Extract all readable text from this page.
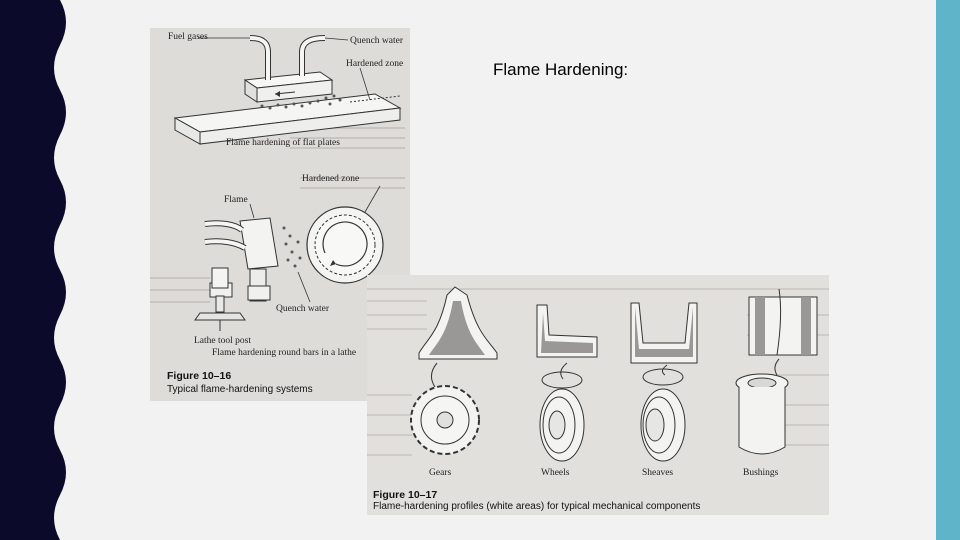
Flame Hardening:
Fuel gases	Quench water
Hardened zone
Flame hardening of flat plates
Hardened zone
Flame
Quench water
Lathe tool post
Flame hardening round bars in a lathe
Figure 10–16
Typical flame-hardening systems
Gears	Wheels	Sheaves	Bushings
Figure 10–17
Flame-hardening profiles (white areas) for typical mechanical components
